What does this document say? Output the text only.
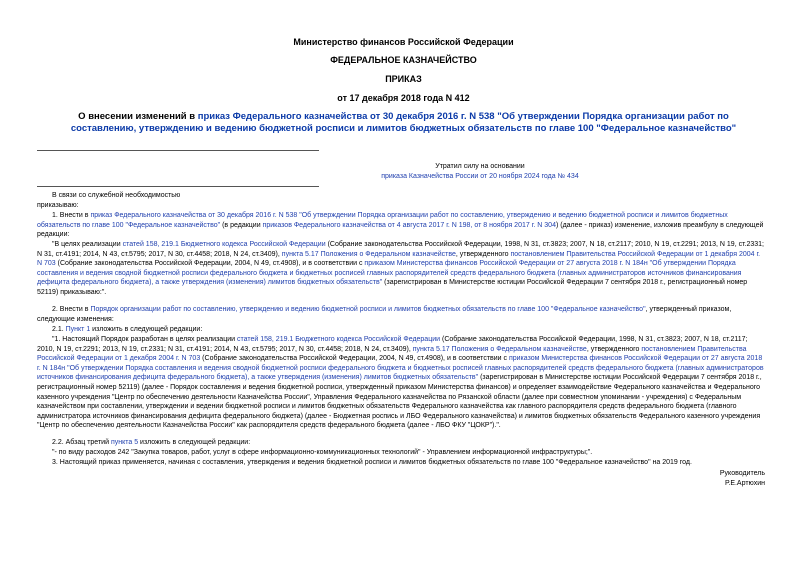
Министерство финансов Российской Федерации

ФЕДЕРАЛЬНОЕ КАЗНАЧЕЙСТВО

ПРИКАЗ

от 17 декабря 2018 года N 412

О внесении изменений в приказ Федерального казначейства от 30 декабря 2016 г. N 538 "Об утверждении Порядка организации работ по составлению, утверждению и ведению бюджетной росписи и лимитов бюджетных обязательств по главе 100 "Федеральное казначейство"

Утратил силу на основании

приказа Казначейства России от 20 ноября 2024 года № 434

В связи со служебной необходимостью

приказываю:

1. Внести в приказ Федерального казначейства от 30 декабря 2016 г. N 538 "Об утверждении Порядка организации работ по составлению, утверждению и ведению бюджетной росписи и лимитов бюджетных обязательств по главе 100 "Федеральное казначейство" (в редакции приказов Федерального казначейства от 4 августа 2017 г. N 198, от 8 ноября 2017 г. N 304) (далее - приказ) изменение, изложив преамбулу в следующей редакции:

"В целях реализации статей 158, 219.1 Бюджетного кодекса Российской Федерации (Собрание законодательства Российской Федерации, 1998, N 31, ст.3823; 2007, N 18, ст.2117; 2010, N 19, ст.2291; 2013, N 19, ст.2331; N 31, ст.4191; 2014, N 43, ст.5795; 2017, N 30, ст.4458; 2018, N 24, ст.3409), пункта 5.17 Положения о Федеральном казначействе, утвержденного постановлением Правительства Российской Федерации от 1 декабря 2004 г. N 703 (Собрание законодательства Российской Федерации, 2004, N 49, ст.4908), и в соответствии с приказом Министерства финансов Российской Федерации от 27 августа 2018 г. N 184н "Об утверждении Порядка составления и ведения сводной бюджетной росписи федерального бюджета и бюджетных росписей главных распорядителей средств федерального бюджета (главных администраторов источников финансирования дефицита федерального бюджета), а также утверждения (изменения) лимитов бюджетных обязательств" (зарегистрирован в Министерстве юстиции Российской Федерации 7 сентября 2018 г., регистрационный номер 52119) приказываю:".

2. Внести в Порядок организации работ по составлению, утверждению и ведению бюджетной росписи и лимитов бюджетных обязательств по главе 100 "Федеральное казначейство", утвержденный приказом, следующие изменения:

2.1. Пункт 1 изложить в следующей редакции:

"1. Настоящий Порядок разработан в целях реализации статей 158, 219.1 Бюджетного кодекса Российской Федерации (Собрание законодательства Российской Федерации, 1998, N 31, ст.3823; 2007, N 18, ст.2117; 2010, N 19, ст.2291; 2013, N 19, ст.2331; N 31, ст.4191; 2014, N 43, ст.5795; 2017, N 30, ст.4458; 2018, N 24, ст.3409), пункта 5.17 Положения о Федеральном казначействе, утвержденного постановлением Правительства Российской Федерации от 1 декабря 2004 г. N 703 (Собрание законодательства Российской Федерации, 2004, N 49, ст.4908), и в соответствии с приказом Министерства финансов Российской Федерации от 27 августа 2018 г. N 184н "Об утверждении Порядка составления и ведения сводной бюджетной росписи федерального бюджета и бюджетных росписей главных распорядителей средств федерального бюджета (главных администраторов источников финансирования дефицита федерального бюджета), а также утверждения (изменения) лимитов бюджетных обязательств" (зарегистрирован в Министерстве юстиции Российской Федерации 7 сентября 2018 г., регистрационный номер 52119) (далее - Порядок составления и ведения бюджетной росписи, утвержденный приказом Министерства финансов) и определяет взаимодействие Федерального казначейства и Федерального казенного учреждения "Центр по обеспечению деятельности Казначейства России", Управления Федерального казначейства по Рязанской области (далее при совместном упоминании - учреждения) с Федеральным казначейством при составлении, утверждении и ведении бюджетной росписи и лимитов бюджетных обязательств Федерального казначейства как главного распорядителя средств федерального бюджета (главного администратора источников финансирования дефицита федерального бюджета) (далее - Бюджетная роспись и ЛБО Федерального казначейства) и лимитов бюджетных обязательств Федерального казенного учреждения "Центр по обеспечению деятельности Казначейства России" как распорядителя средств федерального бюджета (далее - ЛБО ФКУ "ЦОКР").".

2.2. Абзац третий пункта 5 изложить в следующей редакции:

"- по виду расходов 242 "Закупка товаров, работ, услуг в сфере информационно-коммуникационных технологий" - Управлением информационной инфраструктуры;".

3. Настоящий приказ применяется, начиная с составления, утверждения и ведения бюджетной росписи и лимитов бюджетных обязательств по главе 100 "Федеральное казначейство" на 2019 год.

Руководитель

Р.Е.Артюхин
